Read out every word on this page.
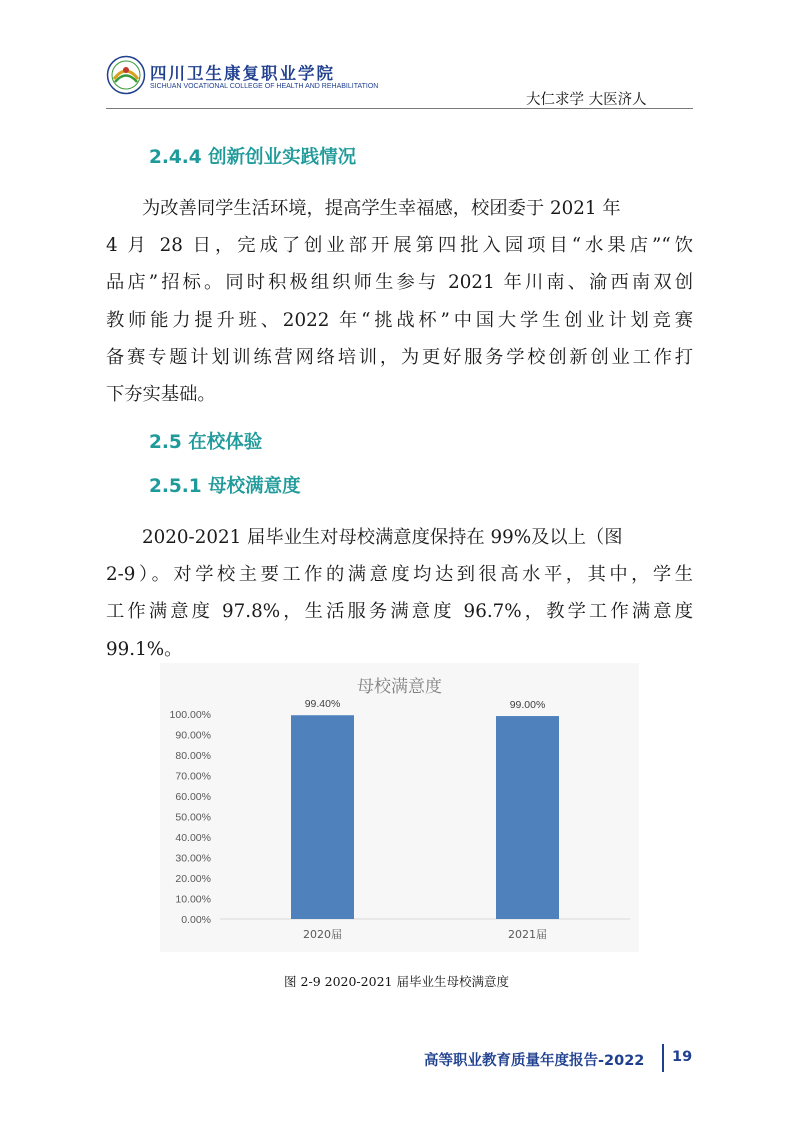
四川卫生康复职业学院
SICHUAN VOCATIONAL COLLEGE OF HEALTH AND REHABILITATION
大仁求学 大医济人
2.4.4 创新创业实践情况
为改善同学生活环境，提高学生幸福感，校团委于 2021 年
4 月 28 日，完成了创业部开展第四批入园项目“水果店”“饮
品店”招标。同时积极组织师生参与 2021 年川南、渝西南双创
教师能力提升班、2022 年“挑战杯”中国大学生创业计划竞赛
备赛专题计划训练营网络培训，为更好服务学校创新创业工作打
下夯实基础。
2.5 在校体验
2.5.1 母校满意度
2020-2021 届毕业生对母校满意度保持在 99%及以上（图
2-9）。对学校主要工作的满意度均达到很高水平，其中，学生
工作满意度 97.8%，生活服务满意度 96.7%，教学工作满意度
99.1%。
母校满意度
0.00%
10.00%
20.00%
30.00%
40.00%
50.00%
60.00%
70.00%
80.00%
90.00%
100.00%
99.40%
2020届
99.00%
2021届
图 2-9 2020-2021 届毕业生母校满意度
高等职业教育质量年度报告-2022 19
